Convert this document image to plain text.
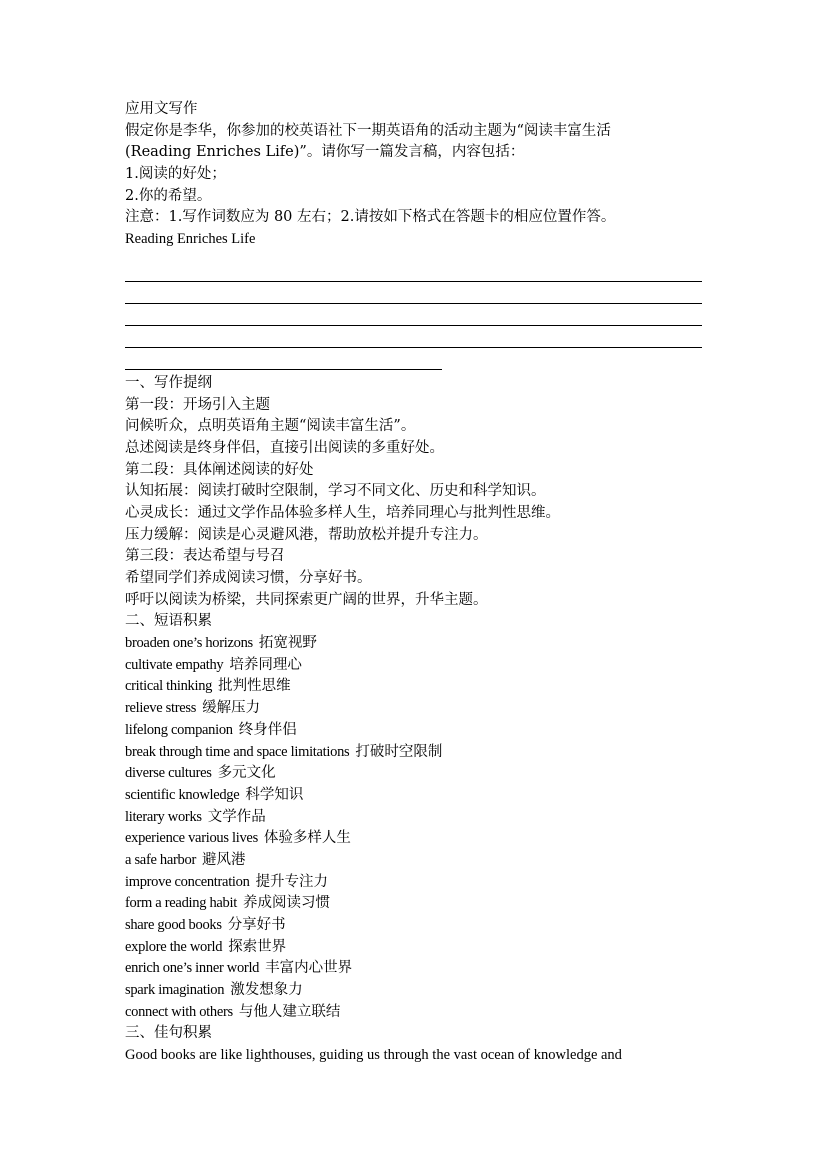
应用文写作
假定你是李华，你参加的校英语社下一期英语角的活动主题为“阅读丰富生活
(Reading Enriches Life)”。请你写一篇发言稿，内容包括：
1.阅读的好处；
2.你的希望。
注意：1.写作词数应为 80 左右；2.请按如下格式在答题卡的相应位置作答。
Reading Enriches Life
一、写作提纲
第一段：开场引入主题
问候听众，点明英语角主题“阅读丰富生活”。
总述阅读是终身伴侣，直接引出阅读的多重好处。
第二段：具体阐述阅读的好处
认知拓展：阅读打破时空限制，学习不同文化、历史和科学知识。
心灵成长：通过文学作品体验多样人生，培养同理心与批判性思维。
压力缓解：阅读是心灵避风港，帮助放松并提升专注力。
第三段：表达希望与号召
希望同学们养成阅读习惯，分享好书。
呼吁以阅读为桥梁，共同探索更广阔的世界，升华主题。
二、短语积累
broaden one’s horizons 拓宽视野
cultivate empathy 培养同理心
critical thinking 批判性思维
relieve stress 缓解压力
lifelong companion 终身伴侣
break through time and space limitations 打破时空限制
diverse cultures 多元文化
scientific knowledge 科学知识
literary works 文学作品
experience various lives 体验多样人生
a safe harbor 避风港
improve concentration 提升专注力
form a reading habit 养成阅读习惯
share good books 分享好书
explore the world 探索世界
enrich one’s inner world 丰富内心世界
spark imagination 激发想象力
connect with others 与他人建立联结
三、佳句积累
Good books are like lighthouses, guiding us through the vast ocean of knowledge and
